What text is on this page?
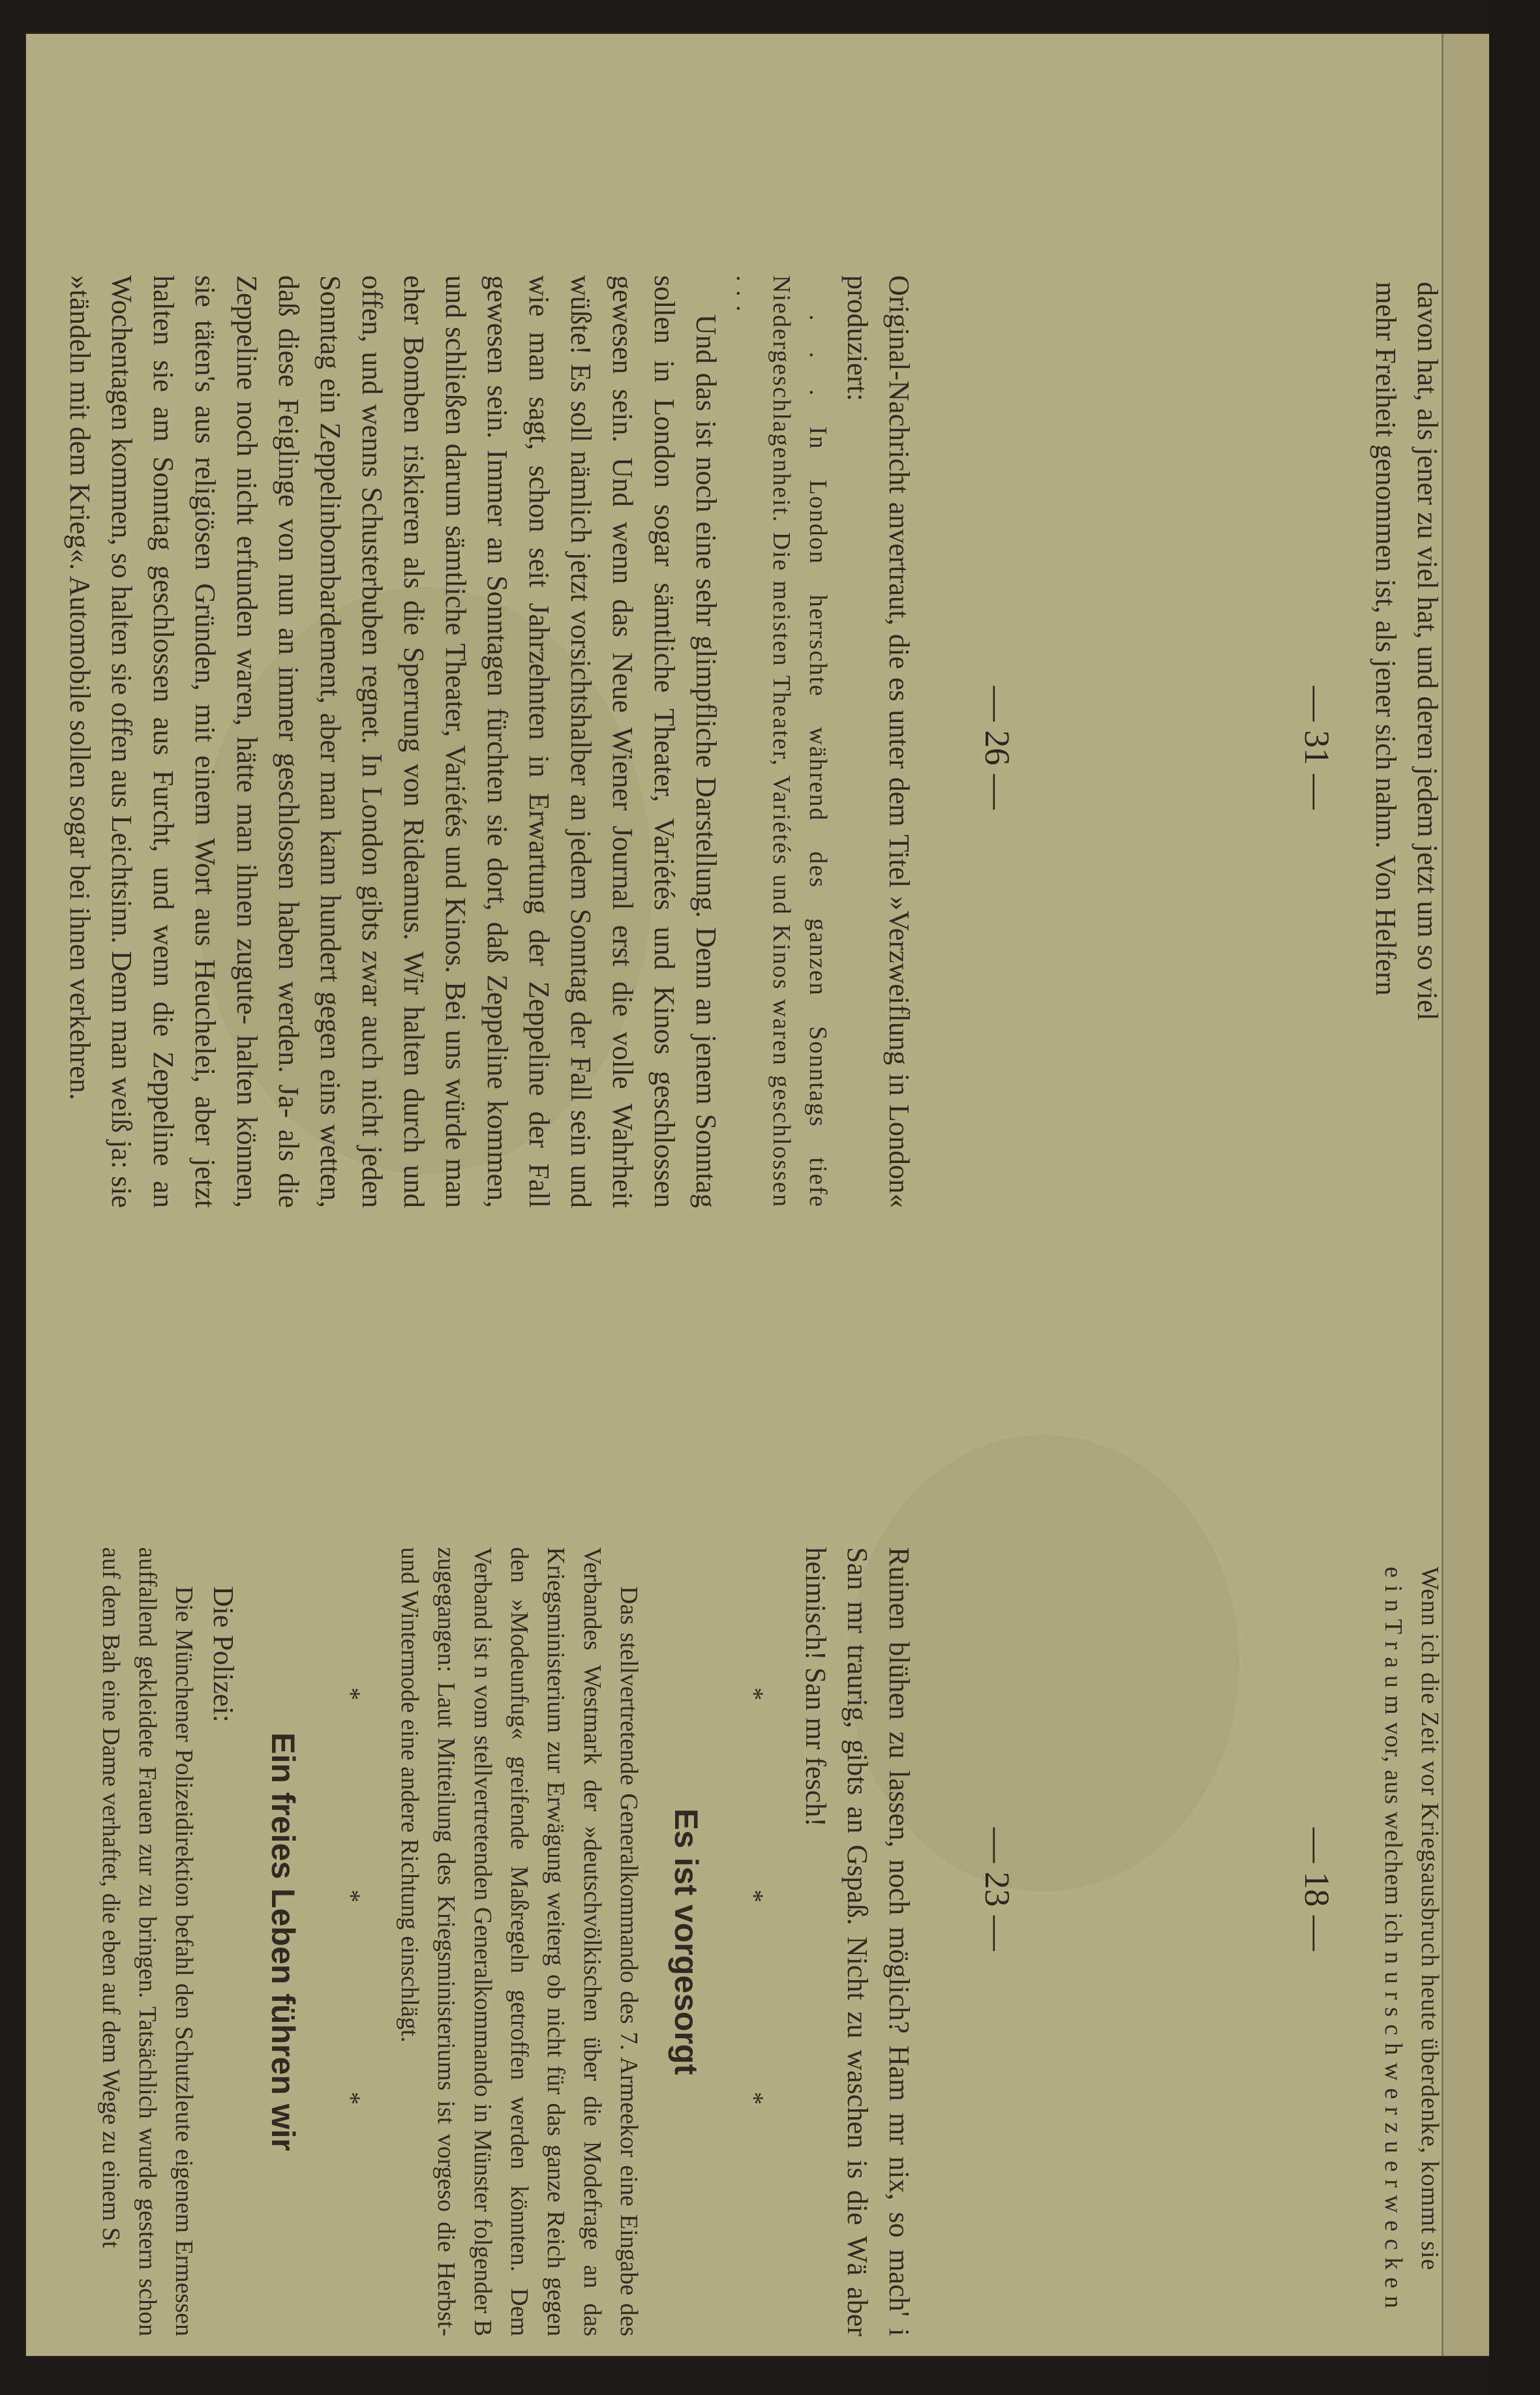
Wenn ich die Zeit vor Kriegsausbruch heute überdenke, kommt sie
e i n T r a u m vor, aus welchem ich n u r s c h w e r z u e r w e c k e n
— 18 —
— 23 —
— 31 —
— 26 —

Ruinen blühen zu lassen, noch möglich? Ham mr nix, so mach' i San mr traurig, gibts an Gspaß. Nicht zu waschen is die Wä aber heimisch! San mr fesch!

* * *
Es ist vorgesorgt

Das stellvertretende Generalkommando des 7. Armeekor eine Eingabe des Verbandes Westmark der »deutschvölkischen über die Modefrage an das Kriegsministerium zur Erwägung weiterg ob nicht für das ganze Reich gegen den »Modeunfug« greifende Maßregeln getroffen werden könnten. Dem Verband ist n vom stellvertretenden Generalkommando in Münster folgender B zugegangen: Laut Mitteilung des Kriegsministeriums ist vorgeso die Herbst- und Wintermode eine andere Richtung einschlägt.

* * *
Ein freies Leben führen wir

Die Polizei:

Die Münchener Polizeidirektion befahl den Schutzleute eigenem Ermessen auffallend gekleidete Frauen zur zu bringen. Tatsächlich wurde gestern schon auf dem Bah eine Dame verhaftet, die eben auf dem Wege zu einem St

Original-Nachricht anvertraut, die es unter dem Titel »Verzweiflung in London« produziert:

. . . In London herrschte während des ganzen Sonntags tiefe Niedergeschlagenheit. Die meisten Theater, Variétés und Kinos waren geschlossen . . .

Und das ist noch eine sehr glimpfliche Darstellung. Denn an jenem Sonntag sollen in London sogar sämtliche Theater, Variétés und Kinos geschlossen gewesen sein. Und wenn das Neue Wiener Journal erst die volle Wahrheit wüßte! Es soll nämlich jetzt vorsichtshalber an jedem Sonntag der Fall sein und wie man sagt, schon seit Jahrzehnten in Erwartung der Zeppeline der Fall gewesen sein. Immer an Sonntagen fürchten sie dort, daß Zeppeline kommen, und schließen darum sämtliche Theater, Variétés und Kinos. Bei uns würde man eher Bomben riskieren als die Sperrung von Rideamus. Wir halten durch und offen, und wenns Schusterbuben regnet. In London gibts zwar auch nicht jeden Sonntag ein Zeppelinbombardement, aber man kann hundert gegen eins wetten, daß diese Feiglinge von nun an immer geschlossen haben werden. Ja- als die Zeppeline noch nicht erfunden waren, hätte man ihnen zugute- halten können, sie täten's aus religiösen Gründen, mit einem Wort aus Heuchelei, aber jetzt halten sie am Sonntag geschlossen aus Furcht, und wenn die Zeppeline an Wochentagen kommen, so halten sie offen aus Leichtsinn. Denn man weiß ja: sie »tändeln mit dem Krieg«. Automobile sollen sogar bei ihnen verkehren.	davon hat, als jener zu viel hat, und deren jedem jetzt um so viel
mehr Freiheit genommen ist, als jener sich nahm. Von Helfern
